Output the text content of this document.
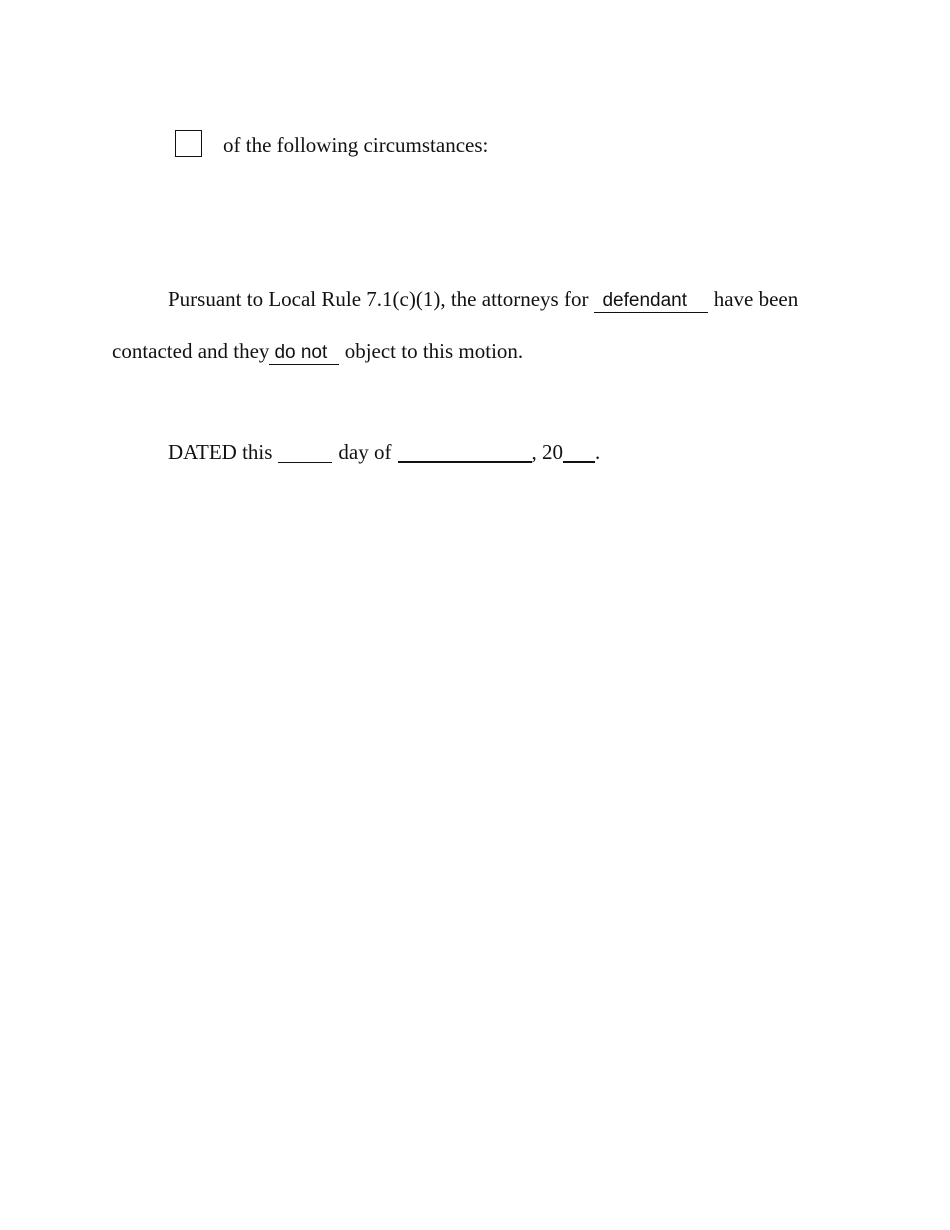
of the following circumstances:
Pursuant to Local Rule 7.1(c)(1), the attorneys for defendant have been
contacted and they do not object to this motion.
DATED this	day of	, 20 .
